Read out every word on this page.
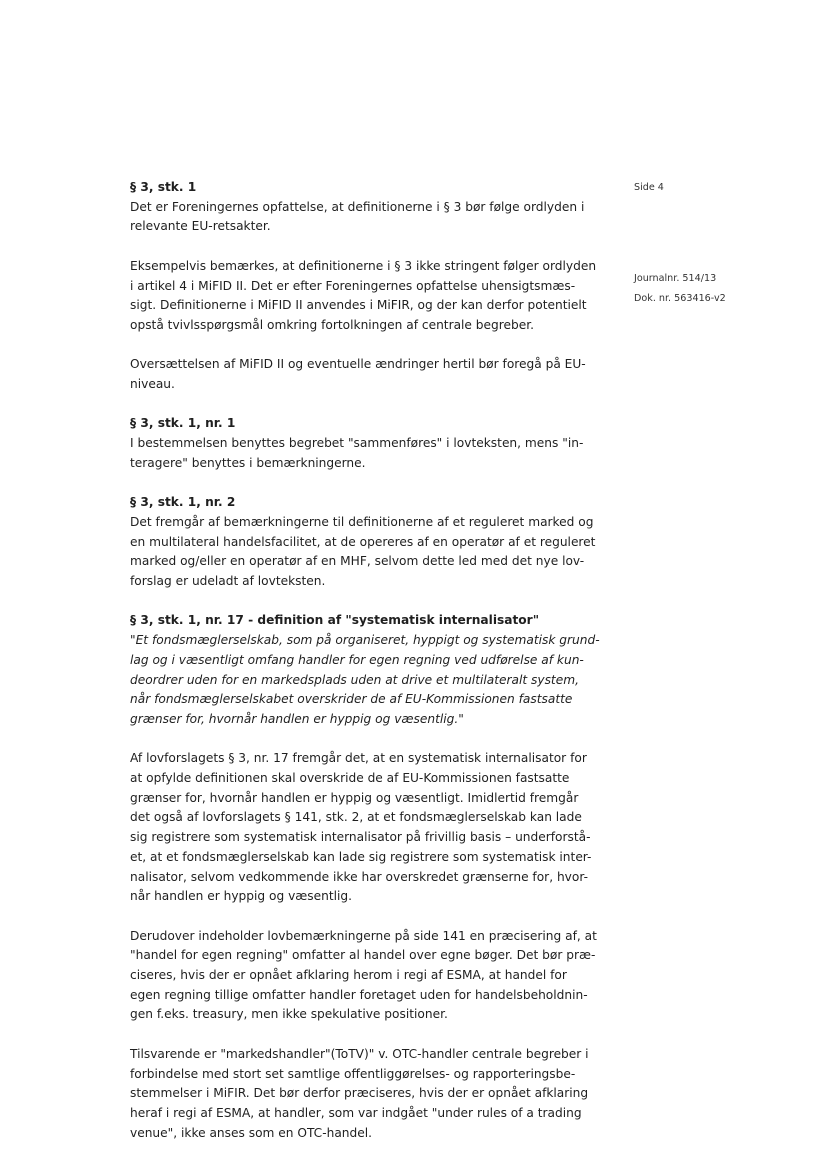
Side 4
Journalnr. 514/13
Dok. nr. 563416-v2

§ 3, stk. 1

Det er Foreningernes opfattelse, at definitionerne i § 3 bør følge ordlyden i

relevante EU-retsakter.

Eksempelvis bemærkes, at definitionerne i § 3 ikke stringent følger ordlyden

i artikel 4 i MiFID II. Det er efter Foreningernes opfattelse uhensigtsmæs-

sigt. Definitionerne i MiFID II anvendes i MiFIR, og der kan derfor potentielt

opstå tvivlsspørgsmål omkring fortolkningen af centrale begreber.

Oversættelsen af MiFID II og eventuelle ændringer hertil bør foregå på EU-

niveau.

§ 3, stk. 1, nr. 1

I bestemmelsen benyttes begrebet "sammenføres" i lovteksten, mens "in-

teragere" benyttes i bemærkningerne.

§ 3, stk. 1, nr. 2

Det fremgår af bemærkningerne til definitionerne af et reguleret marked og

en multilateral handelsfacilitet, at de opereres af en operatør af et reguleret

marked og/eller en operatør af en MHF, selvom dette led med det nye lov-

forslag er udeladt af lovteksten.

§ 3, stk. 1, nr. 17 - definition af "systematisk internalisator"

"Et fondsmæglerselskab, som på organiseret, hyppigt og systematisk grund-

lag og i væsentligt omfang handler for egen regning ved udførelse af kun-

deordrer uden for en markedsplads uden at drive et multilateralt system,

når fondsmæglerselskabet overskrider de af EU-Kommissionen fastsatte

grænser for, hvornår handlen er hyppig og væsentlig."

Af lovforslagets § 3, nr. 17 fremgår det, at en systematisk internalisator for

at opfylde definitionen skal overskride de af EU-Kommissionen fastsatte

grænser for, hvornår handlen er hyppig og væsentligt. Imidlertid fremgår

det også af lovforslagets § 141, stk. 2, at et fondsmæglerselskab kan lade

sig registrere som systematisk internalisator på frivillig basis – underforstå-

et, at et fondsmæglerselskab kan lade sig registrere som systematisk inter-

nalisator, selvom vedkommende ikke har overskredet grænserne for, hvor-

når handlen er hyppig og væsentlig.

Derudover indeholder lovbemærkningerne på side 141 en præcisering af, at

"handel for egen regning" omfatter al handel over egne bøger. Det bør præ-

ciseres, hvis der er opnået afklaring herom i regi af ESMA, at handel for

egen regning tillige omfatter handler foretaget uden for handelsbeholdnin-

gen f.eks. treasury, men ikke spekulative positioner.

Tilsvarende er "markedshandler"(ToTV)" v. OTC-handler centrale begreber i

forbindelse med stort set samtlige offentliggørelses- og rapporteringsbe-

stemmelser i MiFIR. Det bør derfor præciseres, hvis der er opnået afklaring

heraf i regi af ESMA, at handler, som var indgået "under rules of a trading

venue", ikke anses som en OTC-handel.
